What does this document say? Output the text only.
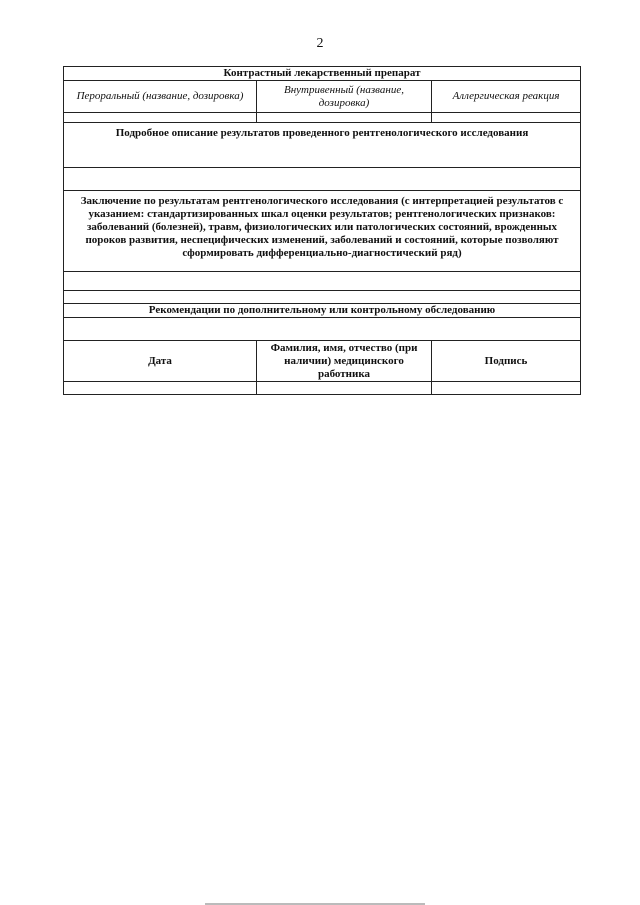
2
Контрастный лекарственный препарат		
Пероральный (название, дозировка)	Внутривенный (название, дозировка)	Аллергическая реакция

Подробное описание результатов проведенного рентгенологического исследования		

Заключение по результатам рентгенологического исследования (с интерпретацией результатов с указанием: стандартизированных шкал оценки результатов; рентгенологических признаков: заболеваний (болезней), травм, физиологических или патологических состояний, врожденных пороков развития, неспецифических изменений, заболеваний и состояний, которые позволяют сформировать дифференциально-диагностический ряд)		

Рекомендации по дополнительному или контрольному обследованию		

Дата	Фамилия, имя, отчество (при наличии) медицинского работника	Подпись
